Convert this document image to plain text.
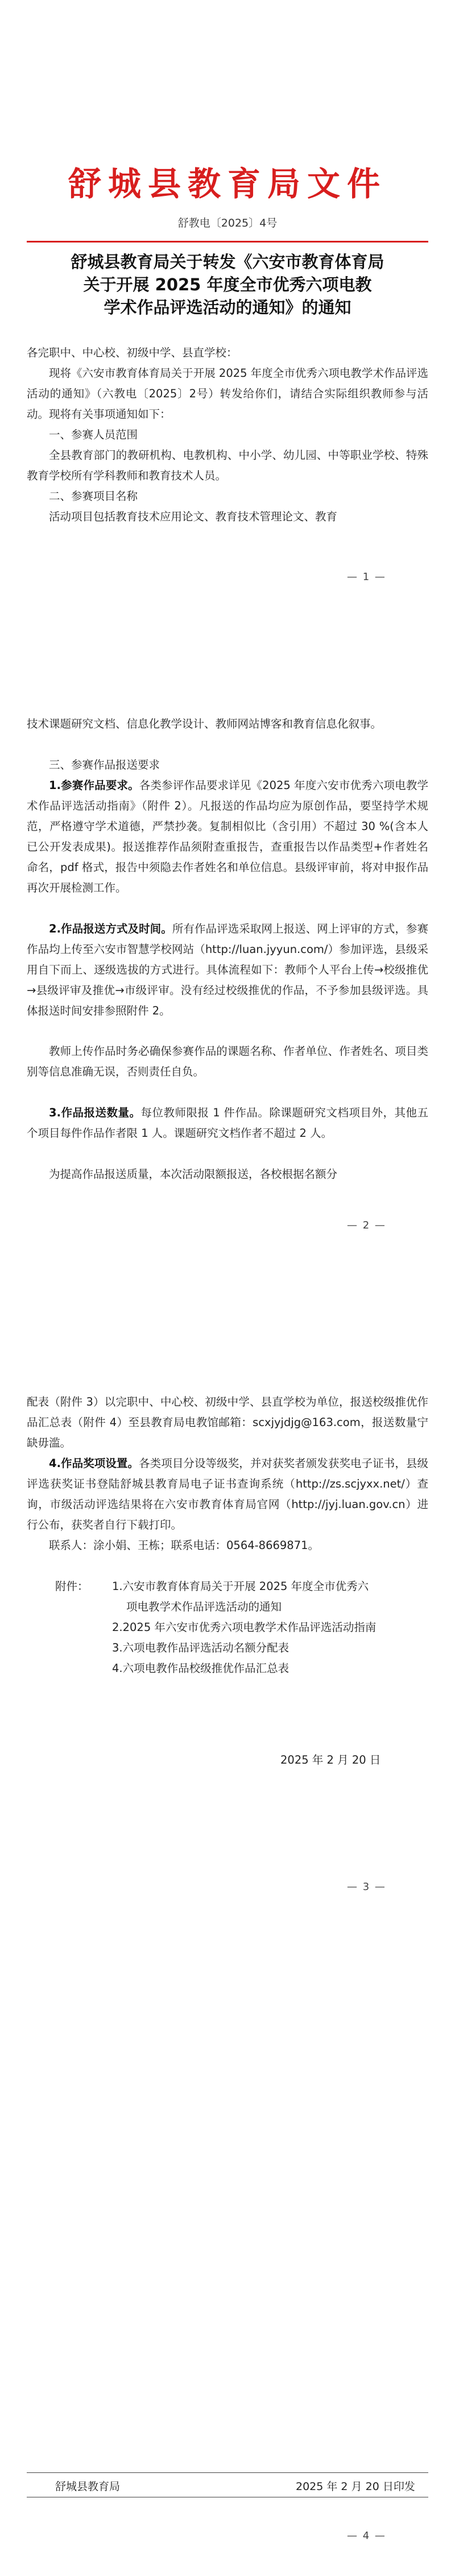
舒城县教育局文件
舒教电〔2025〕4号
舒城县教育局关于转发《六安市教育体育局
关于开展 2025 年度全市优秀六项电教
学术作品评选活动的通知》的通知
各完职中、中心校、初级中学、县直学校：
现将《六安市教育体育局关于开展 2025 年度全市优秀六项电教学术作品评选活动的通知》（六教电〔2025〕2号）转发给你们，请结合实际组织教师参与活动。现将有关事项通知如下：
一、参赛人员范围
全县教育部门的教研机构、电教机构、中小学、幼儿园、中等职业学校、特殊教育学校所有学科教师和教育技术人员。
二、参赛项目名称
活动项目包括教育技术应用论文、教育技术管理论文、教育
— 1 —
技术课题研究文档、信息化教学设计、教师网站博客和教育信息化叙事。
三、参赛作品报送要求
1.参赛作品要求。各类参评作品要求详见《2025 年度六安市优秀六项电教学术作品评选活动指南》（附件 2）。凡报送的作品均应为原创作品，要坚持学术规范，严格遵守学术道德，严禁抄袭。复制相似比（含引用）不超过 30 %(含本人已公开发表成果)。报送推荐作品须附查重报告，查重报告以作品类型+作者姓名命名，pdf 格式，报告中须隐去作者姓名和单位信息。县级评审前，将对申报作品再次开展检测工作。
2.作品报送方式及时间。所有作品评选采取网上报送、网上评审的方式，参赛作品均上传至六安市智慧学校网站（http://luan.jyyun.com/）参加评选，县级采用自下而上、逐级选拔的方式进行。具体流程如下：教师个人平台上传→校级推优→县级评审及推优→市级评审。没有经过校级推优的作品，不予参加县级评选。具体报送时间安排参照附件 2。
教师上传作品时务必确保参赛作品的课题名称、作者单位、作者姓名、项目类别等信息准确无误，否则责任自负。
3.作品报送数量。每位教师限报 1 件作品。除课题研究文档项目外，其他五个项目每件作品作者限 1 人。课题研究文档作者不超过 2 人。
为提高作品报送质量，本次活动限额报送，各校根据名额分
— 2 —
配表（附件 3）以完职中、中心校、初级中学、县直学校为单位，报送校级推优作品汇总表（附件 4）至县教育局电教馆邮箱：scxjyjdjg@163.com，报送数量宁缺毋滥。
4.作品奖项设置。各类项目分设等级奖，并对获奖者颁发获奖电子证书，县级评选获奖证书登陆舒城县教育局电子证书查询系统（http://zs.scjyxx.net/）查询，市级活动评选结果将在六安市教育体育局官网（http://jyj.luan.gov.cn）进行公布，获奖者自行下载打印。
联系人：涂小娟、王栋；联系电话：0564-8669871。
附件：	1.六安市教育体育局关于开展 2025 年度全市优秀六
项电教学术作品评选活动的通知
2.2025 年六安市优秀六项电教学术作品评选活动指南
3.六项电教作品评选活动名额分配表
4.六项电教作品校级推优作品汇总表
2025 年 2 月 20 日
— 3 —
舒城县教育局	2025 年 2 月 20 日印发
— 4 —
